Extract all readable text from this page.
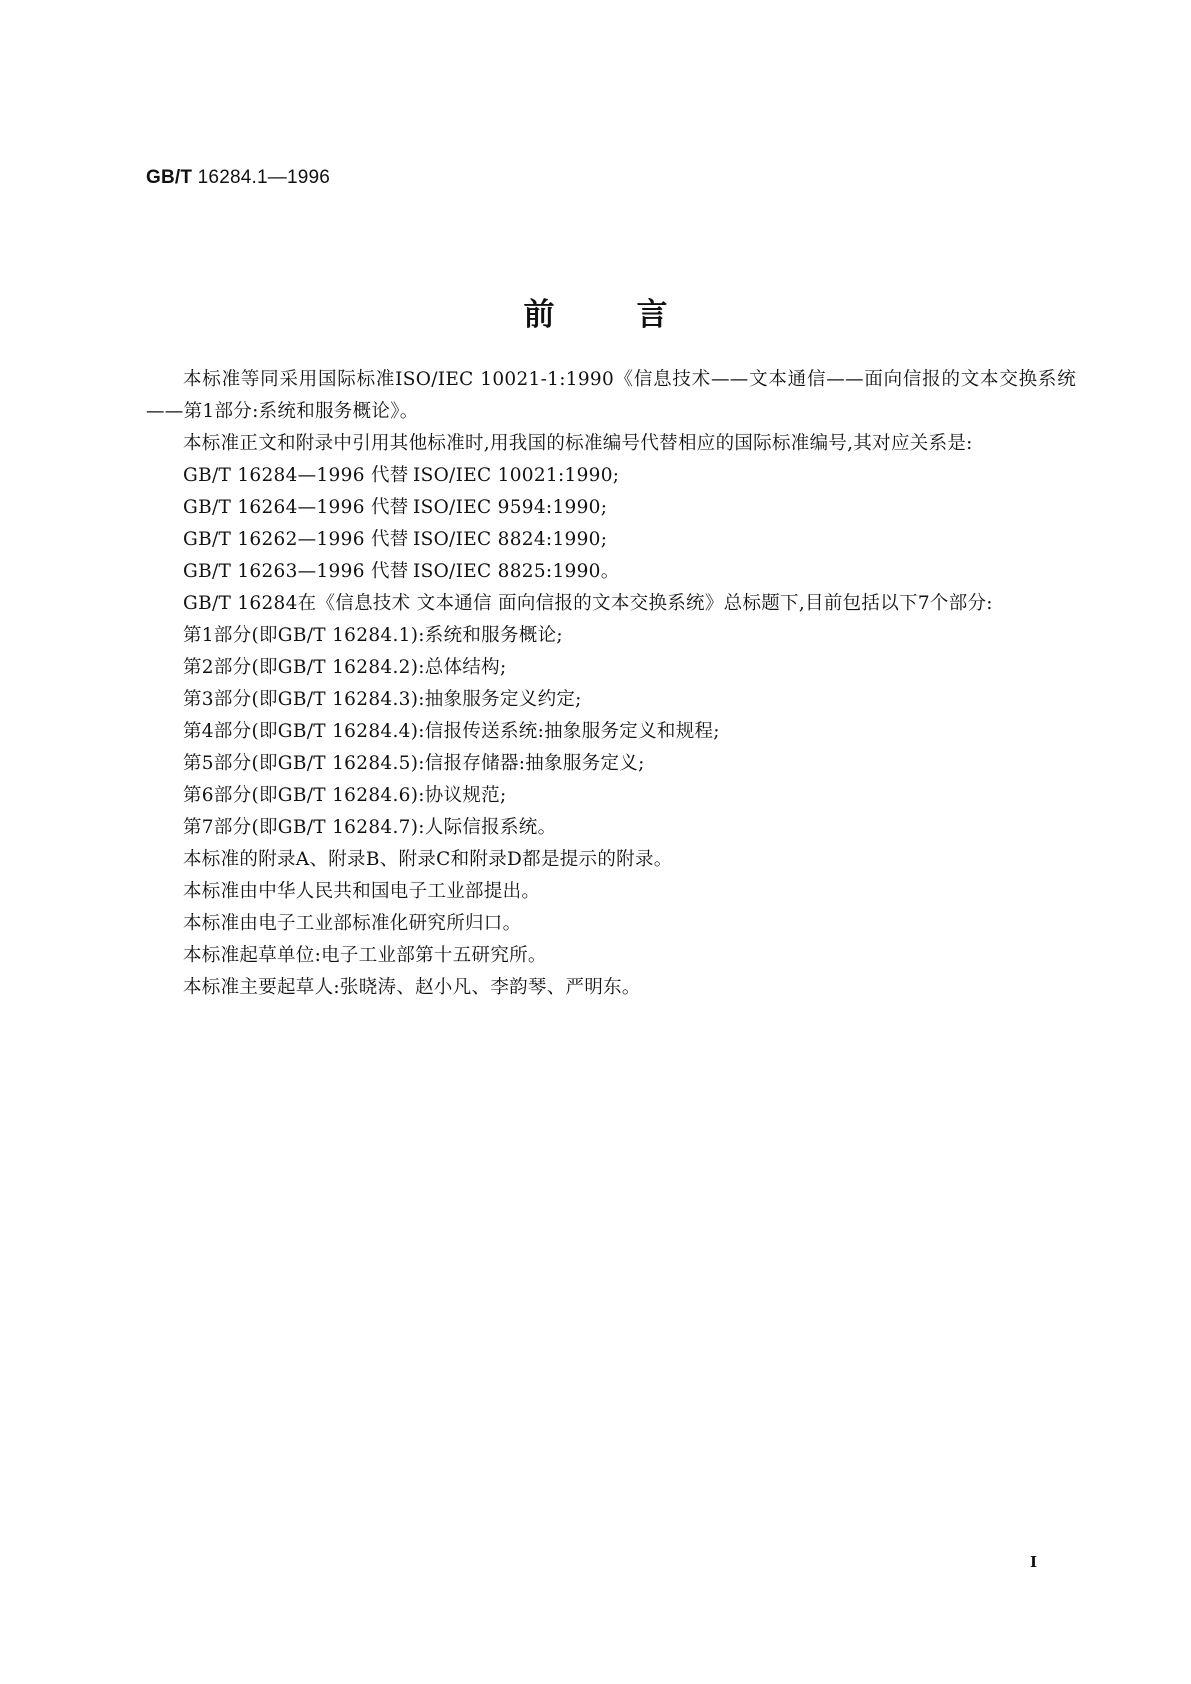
GB/T 16284.1—1996
前言

本标准等同采用国际标准ISO/IEC 10021-1:1990《信息技术——文本通信——面向信报的文本交换系统——第1部分:系统和服务概论》。

本标准正文和附录中引用其他标准时,用我国的标准编号代替相应的国际标准编号,其对应关系是:

GB/T 16284—1996 代替 ISO/IEC 10021:1990;

GB/T 16264—1996 代替 ISO/IEC 9594:1990;

GB/T 16262—1996 代替 ISO/IEC 8824:1990;

GB/T 16263—1996 代替 ISO/IEC 8825:1990。

GB/T 16284在《信息技术 文本通信 面向信报的文本交换系统》总标题下,目前包括以下7个部分:

第1部分(即GB/T 16284.1):系统和服务概论;

第2部分(即GB/T 16284.2):总体结构;

第3部分(即GB/T 16284.3):抽象服务定义约定;

第4部分(即GB/T 16284.4):信报传送系统:抽象服务定义和规程;

第5部分(即GB/T 16284.5):信报存储器:抽象服务定义;

第6部分(即GB/T 16284.6):协议规范;

第7部分(即GB/T 16284.7):人际信报系统。

本标准的附录A、附录B、附录C和附录D都是提示的附录。

本标准由中华人民共和国电子工业部提出。

本标准由电子工业部标准化研究所归口。

本标准起草单位:电子工业部第十五研究所。

本标准主要起草人:张晓涛、赵小凡、李韵琴、严明东。

Ⅰ
